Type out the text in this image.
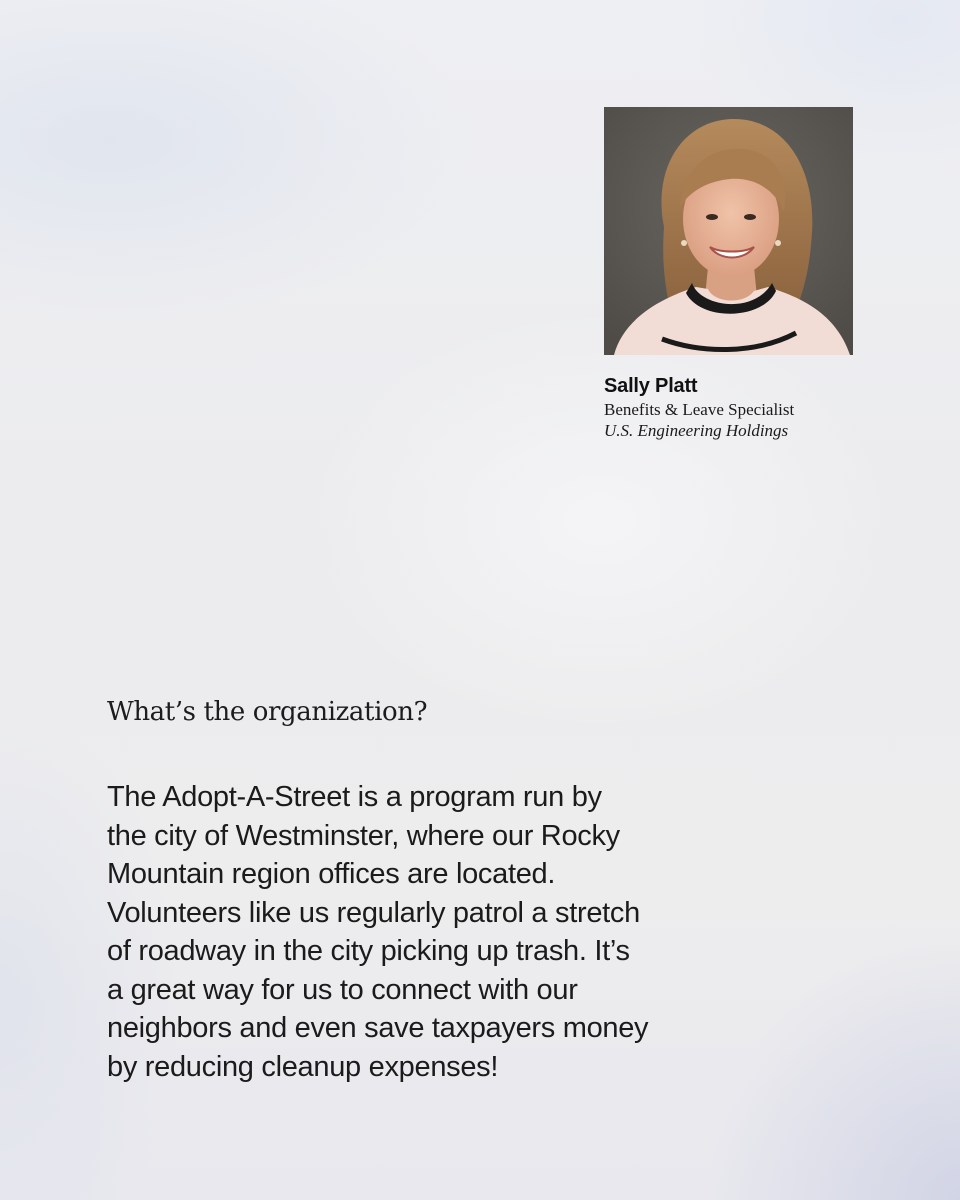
Sally Platt
Benefits & Leave Specialist
U.S. Engineering Holdings
What’s the organization?

The Adopt-A-Street is a program run by
the city of Westminster, where our Rocky
Mountain region offices are located.
Volunteers like us regularly patrol a stretch
of roadway in the city picking up trash. It’s
a great way for us to connect with our
neighbors and even save taxpayers money
by reducing cleanup expenses!
